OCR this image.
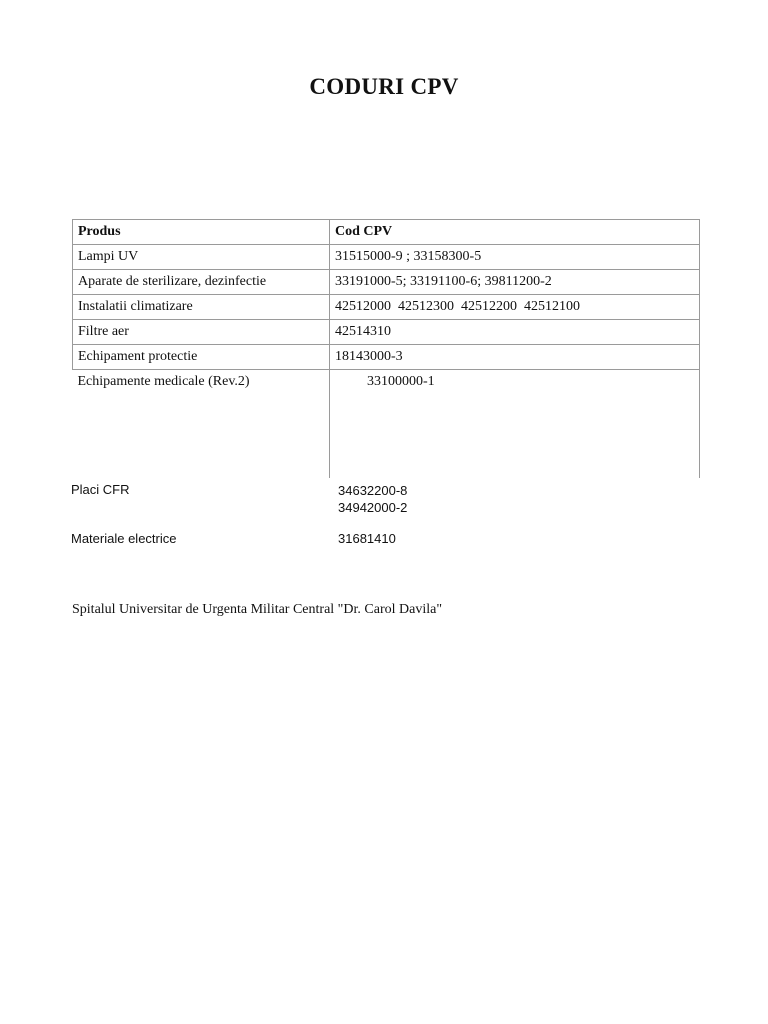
CODURI CPV
Produs	Cod CPV
Lampi UV	31515000-9 ; 33158300-5
Aparate de sterilizare, dezinfectie	33191000-5; 33191100-6; 39811200-2
Instalatii climatizare	42512000  42512300  42512200  42512100
Filtre aer	42514310
Echipament protectie	18143000-3
Echipamente medicale (Rev.2)	33100000-1
Placi CFR	34632200-8
34942000-2
Materiale electrice	31681410
Spitalul Universitar de Urgenta Militar Central "Dr. Carol Davila"
